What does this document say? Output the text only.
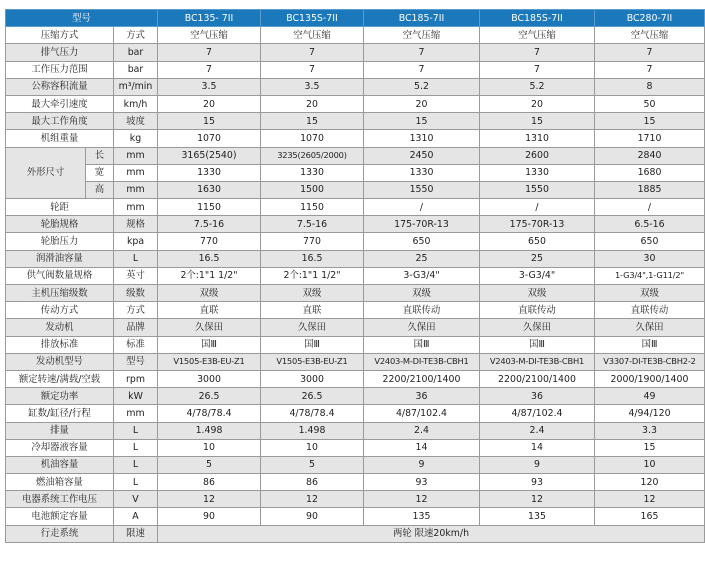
型号			BC135- 7II	BC135S-7II	BC185-7II	BC185S-7II	BC280-7II
压缩方式		方式	空气压缩	空气压缩	空气压缩	空气压缩	空气压缩
排气压力		bar	7	7	7	7	7
工作压力范围		bar	7	7	7	7	7
公称容积流量		m³/min	3.5	3.5	5.2	5.2	8
最大牵引速度		km/h	20	20	20	20	50
最大工作角度		坡度	15	15	15	15	15
机组重量		kg	1070	1070	1310	1310	1710
外形尺寸	长	mm	3165(2540)	3235(2605/2000)	2450	2600	2840
	宽	mm	1330	1330	1330	1330	1680
	高	mm	1630	1500	1550	1550	1885
轮距		mm	1150	1150	/	/	/
轮胎规格		规格	7.5-16	7.5-16	175-70R-13	175-70R-13	6.5-16
轮胎压力		kpa	770	770	650	650	650
润滑油容量		L	16.5	16.5	25	25	30
供气阀数量规格		英寸	2个:1"1 1/2"	2个:1"1 1/2"	3-G3/4"	3-G3/4"	1-G3/4",1-G11/2"
主机压缩级数		级数	双级	双级	双级	双级	双级
传动方式		方式	直联	直联	直联传动	直联传动	直联传动
发动机		品牌	久保田	久保田	久保田	久保田	久保田
排放标准		标准	国Ⅲ	国Ⅲ	国Ⅲ	国Ⅲ	国Ⅲ
发动机型号		型号	V1505-E3B-EU-Z1	V1505-E3B-EU-Z1	V2403-M-DI-TE3B-CBH1	V2403-M-DI-TE3B-CBH1	V3307-DI-TE3B-CBH2-2
额定转速/满载/空载		rpm	3000	3000	2200/2100/1400	2200/2100/1400	2000/1900/1400
额定功率		kW	26.5	26.5	36	36	49
缸数/缸径/行程		mm	4/78/78.4	4/78/78.4	4/87/102.4	4/87/102.4	4/94/120
排量		L	1.498	1.498	2.4	2.4	3.3
冷却器液容量		L	10	10	14	14	15
机油容量		L	5	5	9	9	10
燃油箱容量		L	86	86	93	93	120
电器系统工作电压		V	12	12	12	12	12
电池额定容量		A	90	90	135	135	165
行走系统		限速	两轮 限速20km/h				
